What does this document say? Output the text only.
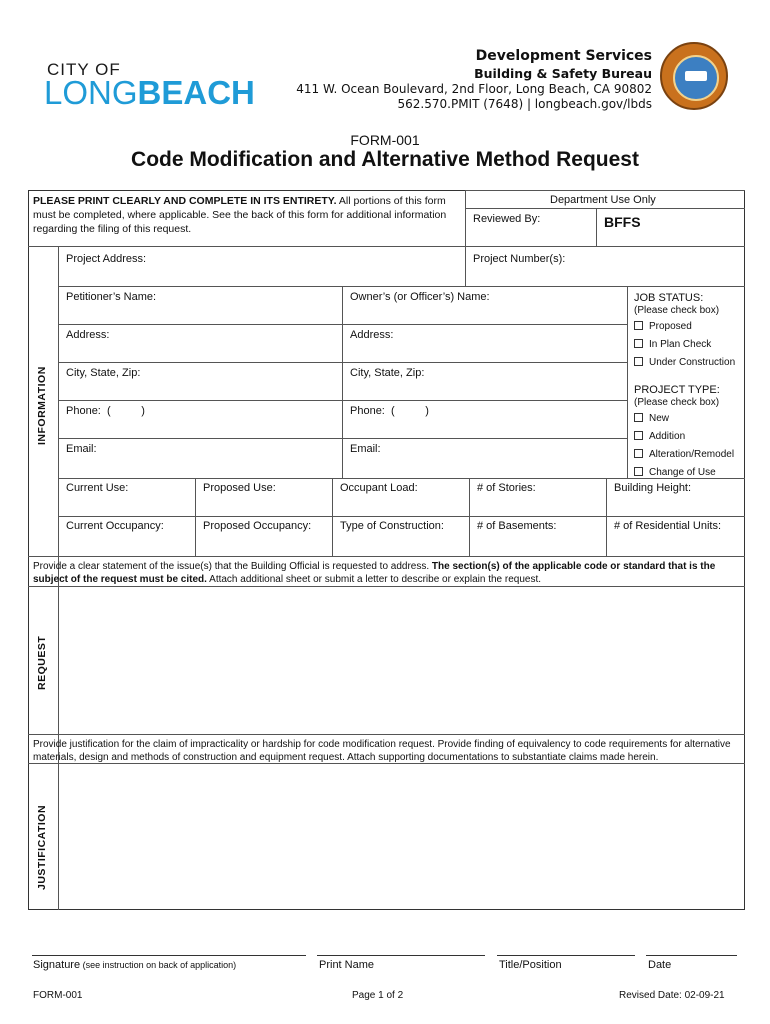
CITY OF
LONGBEACH
Development Services
Building & Safety Bureau
411 W. Ocean Boulevard, 2nd Floor, Long Beach, CA 90802
562.570.PMIT (7648) | longbeach.gov/lbds
FORM-001
Code Modification and Alternative Method Request
PLEASE PRINT CLEARLY AND COMPLETE IN ITS ENTIRETY. All portions of this form must be completed, where applicable. See the back of this form for additional information regarding the filing of this request.
Department Use Only
Reviewed By:	BFFS
INFORMATION
REQUEST
JUSTIFICATION
Project Address:	Project Number(s):
Petitioner’s Name:	Owner’s (or Officer’s) Name:
Address:	Address:
City, State, Zip:	City, State, Zip:
Phone:  (          )	Phone:  (          )
Email:	Email:
JOB STATUS:
(Please check box)
Proposed
In Plan Check
Under Construction
PROJECT TYPE:
(Please check box)
New
Addition
Alteration/Remodel
Change of Use
Current Use:	Proposed Use:	Occupant Load:	# of Stories:	Building Height:
Current Occupancy:	Proposed Occupancy:	Type of Construction:	# of Basements:	# of Residential Units:
Provide a clear statement of the issue(s) that the Building Official is requested to address. The section(s) of the applicable code or standard that is the subject of the request must be cited. Attach additional sheet or submit a letter to describe or explain the request.
Provide justification for the claim of impracticality or hardship for code modification request. Provide finding of equivalency to code requirements for alternative materials, design and methods of construction and equipment request. Attach supporting documentations to substantiate claims made herein.
Signature (see instruction on back of application)	Print Name	Title/Position	Date
FORM-001	Page 1 of 2	Revised Date: 02-09-21
